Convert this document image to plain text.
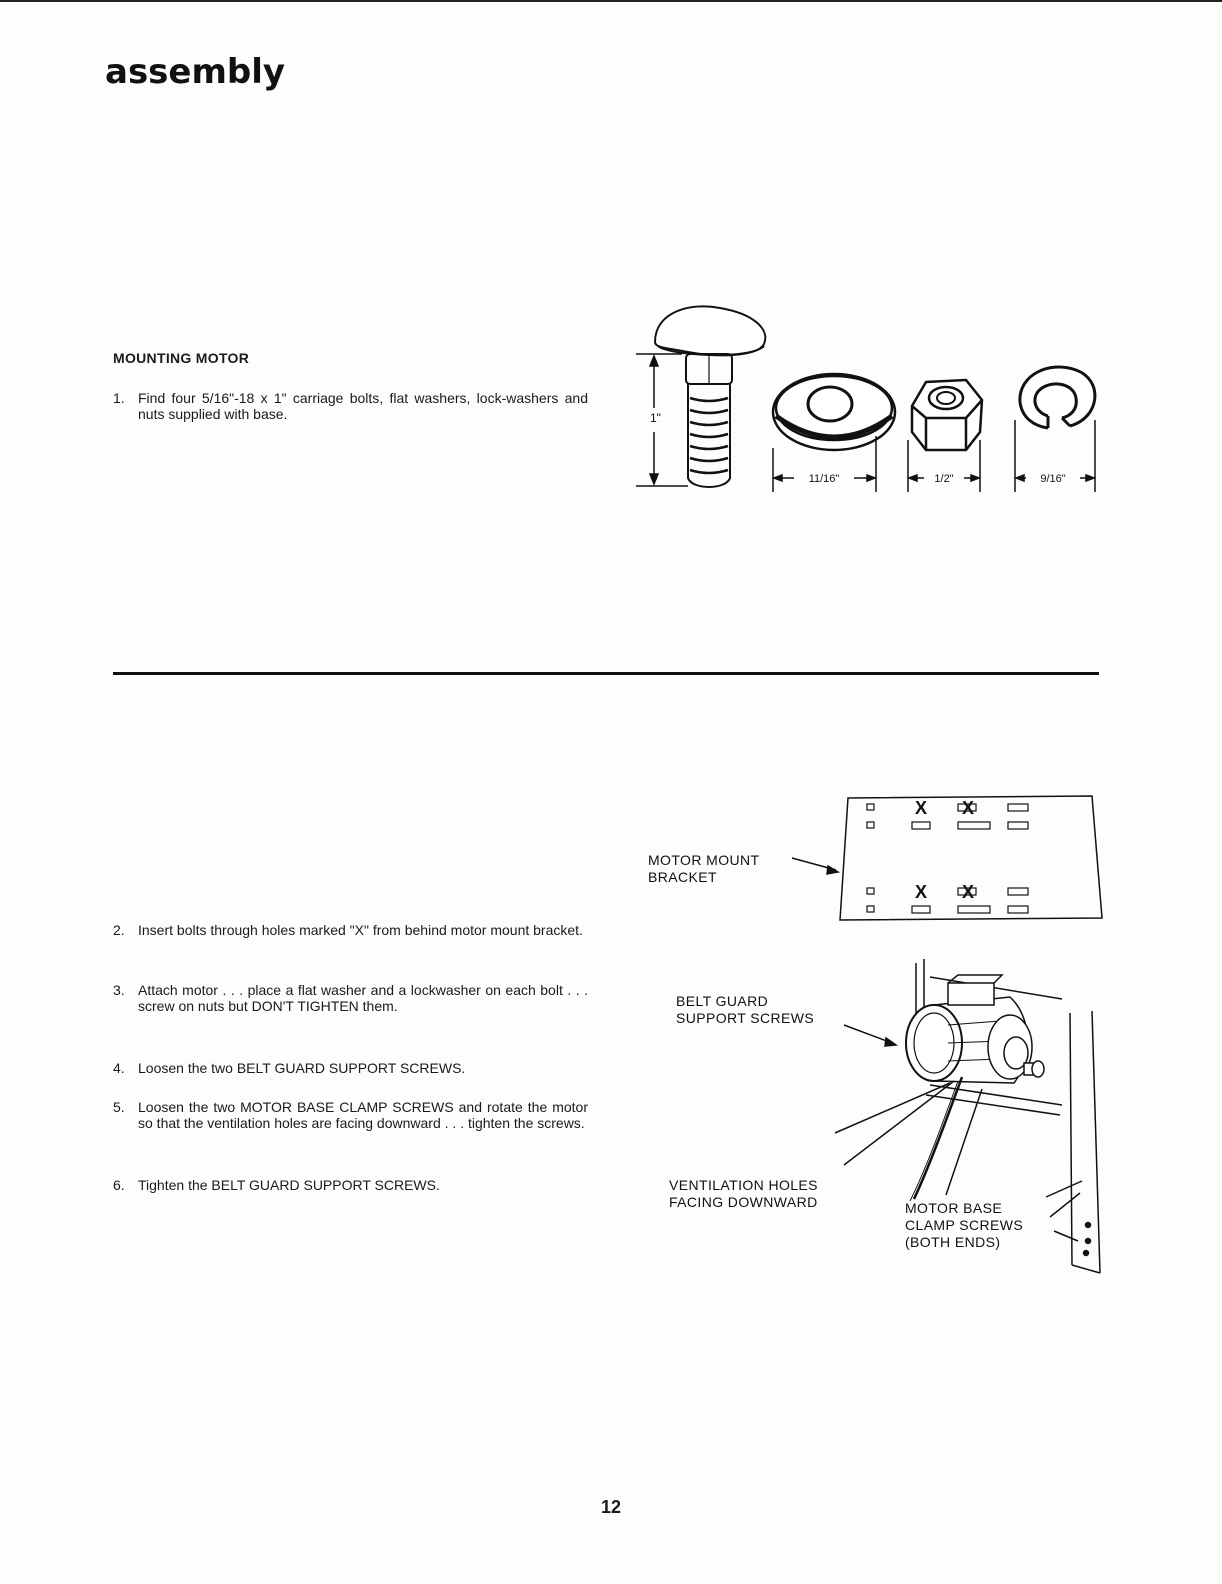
assembly
MOUNTING MOTOR

1. Find four 5/16"-18 x 1" carriage bolts, flat washers, lock-washers and nuts supplied with base.	1"
11/16"	1/2"	9/16"

MOTOR MOUNT
BRACKET

X X
X X

2. Insert bolts through holes marked "X" from behind motor mount bracket.

3. Attach motor . . . place a flat washer and a lockwasher on each bolt . . . screw on nuts but DON'T TIGHTEN them.

4. Loosen the two BELT GUARD SUPPORT SCREWS.

5. Loosen the two MOTOR BASE CLAMP SCREWS and rotate the motor so that the ventilation holes are facing downward . . . tighten the screws.

6. Tighten the BELT GUARD SUPPORT SCREWS.

BELT GUARD
SUPPORT SCREWS

VENTILATION HOLES
FACING DOWNWARD	MOTOR BASE
CLAMP SCREWS
(BOTH ENDS)

12
